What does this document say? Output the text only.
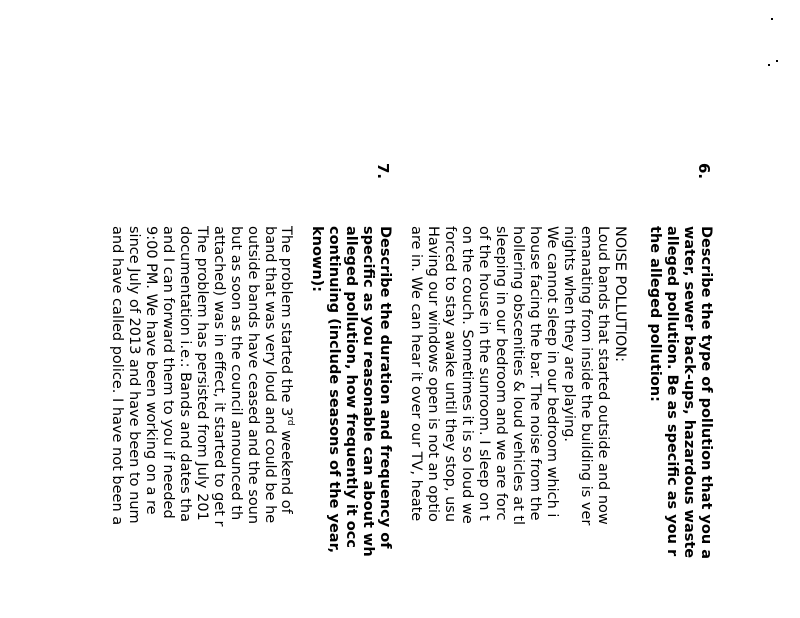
6.
Describe the type of pollution that you a
water, sewer back-ups, hazardous waste
alleged pollution. Be as specific as you r
the alleged pollution:
NOISE POLLUTION:
Loud bands that started outside and now
emanating from inside the building is ver
nights when they are playing.
We cannot sleep in our bedroom which i
house facing the bar. The noise from the
hollering obscenities & loud vehicles at tl
sleeping in our bedroom and we are forc
of the house in the sunroom. I sleep on t
on the couch. Sometimes it is so loud we
forced to stay awake until they stop, usu
Having our windows open is not an optio
are in. We can hear it over our TV, heate
7.
Describe the duration and frequency of
specific as you reasonable can about wh
alleged pollution, how frequently it occ
continuing (include seasons of the year,
known):
The problem started the 3rd weekend of
band that was very loud and could be he
outside bands have ceased and the soun
but as soon as the council announced th
attached) was in effect, it started to get r
The problem has persisted from July 201
documentation i.e.: Bands and dates tha
and I can forward them to you if needed
9:00 PM. We have been working on a re
since July of 2013 and have been to num
and have called police. I have not been a
